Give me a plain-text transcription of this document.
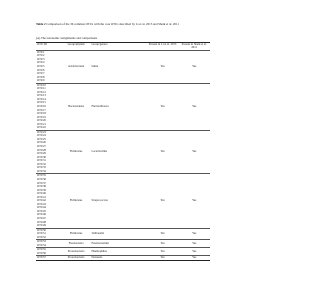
Table 2 Comparison of the 36 common OTUs with the core OTUs described by Li et al. 2013 and Sheik et al. 2011
(A) The taxonomic assignments and comparisons
OTU ID	Group/phylum	Group/genera	Present in Li et al. 2013	Present in Sheik et al. 2011
OTU1	Acidobacteria	Iamia	Yes	Yes
OTU2				
OTU3				
OTU4				
OTU5				
OTU6				
OTU7				
OTU8				
OTU9				
OTU10	Bacteroidetes	Flavisolibacter	Yes	Yes
OTU11				
OTU12				
OTU13				
OTU14				
OTU15				
OTU16				
OTU17				
OTU18				
OTU19				
OTU20				
OTU21				
OTU22				
OTU23	Firmicutes	Lactobacillus	Yes	Yes
OTU24				
OTU25				
OTU26				
OTU27				
OTU28				
OTU29				
OTU30				
OTU31				
OTU32				
OTU33				
OTU34				
OTU35	Firmicutes	Streptococcus	Yes	Yes
OTU36				
OTU37				
OTU38				
OTU39				
OTU40				
OTU41				
OTU42				
OTU43				
OTU44				
OTU45				
OTU46				
OTU47				
OTU48				
OTU49				
OTU50	Firmicutes	Veillonella	Yes	Yes
OTU51				
OTU52				
OTU53	Fusobacteria	Fusobacterium	Yes	Yes
OTU54				
OTU55	Proteobacteria	Haemophilus	Yes	Yes
OTU56				
OTU57	Proteobacteria	Neisseria	Yes	Yes
